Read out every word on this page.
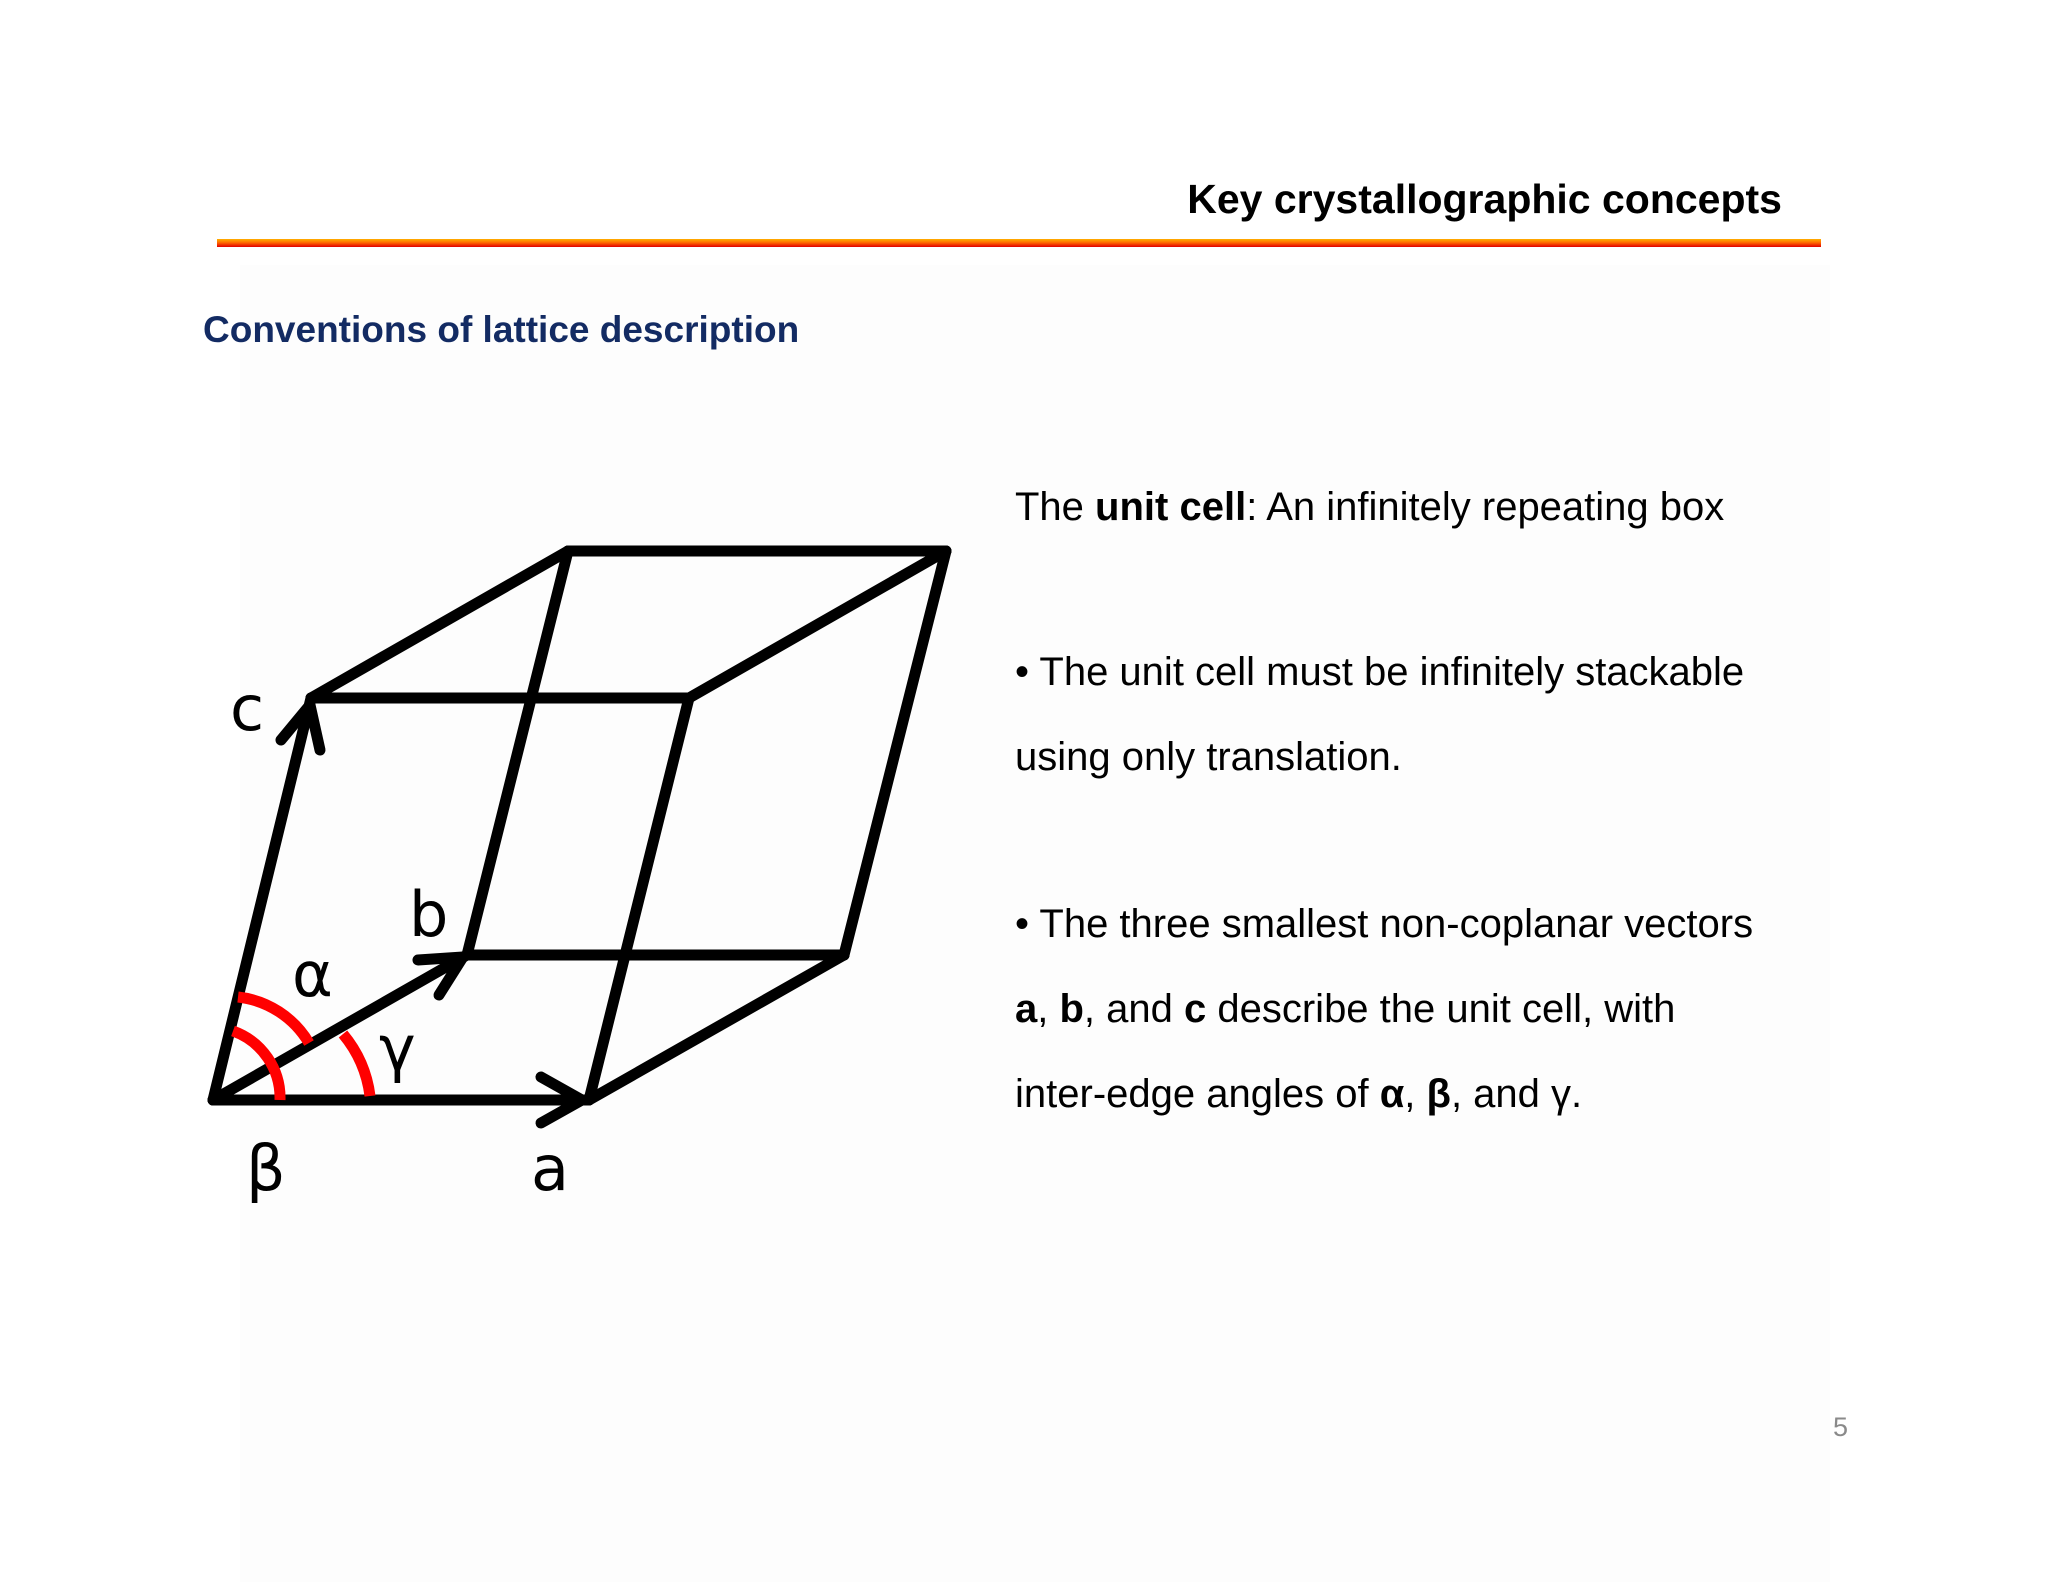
Key crystallographic concepts
Conventions of lattice description
c
b
a
α
γ
β
The unit cell: An infinitely repeating box
• The unit cell must be infinitely stackable
using only translation.
• The three smallest non-coplanar vectors
a, b, and c describe the unit cell, with
inter-edge angles of α, β, and γ.
5
